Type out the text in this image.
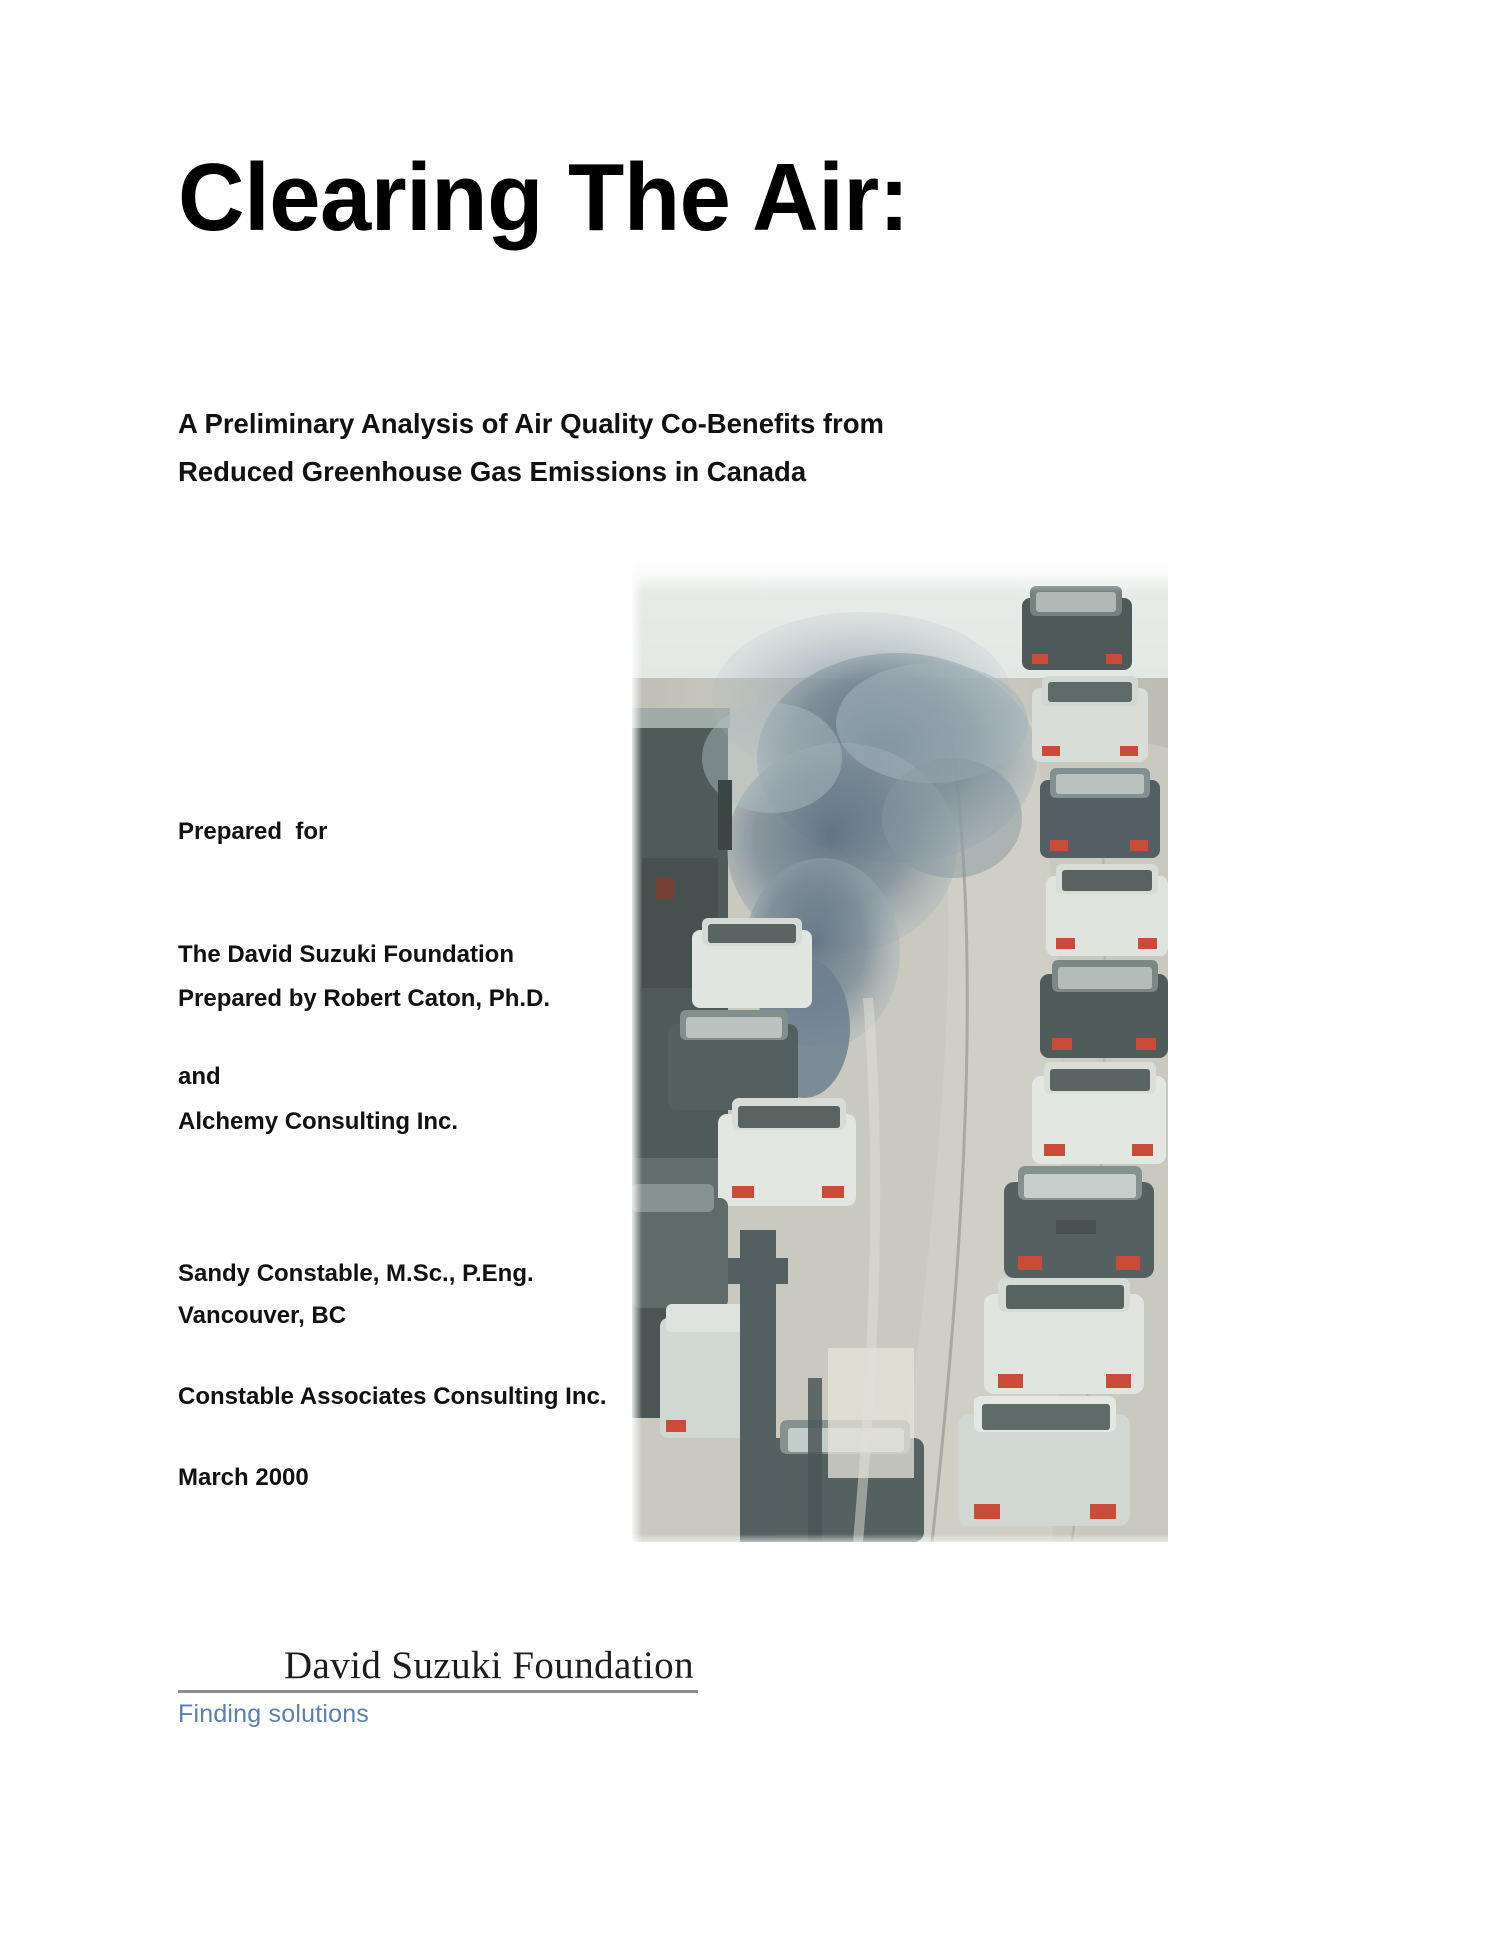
Clearing The Air:
A Preliminary Analysis of Air Quality Co-Benefits from
Reduced Greenhouse Gas Emissions in Canada

Prepared  for

The David Suzuki Foundation

Prepared by Robert Caton, Ph.D.

Alchemy Consulting Inc.

and

Sandy Constable, M.Sc., P.Eng.

Constable Associates Consulting Inc.

Vancouver, BC
March 2000
David Suzuki Foundation
Finding solutions
